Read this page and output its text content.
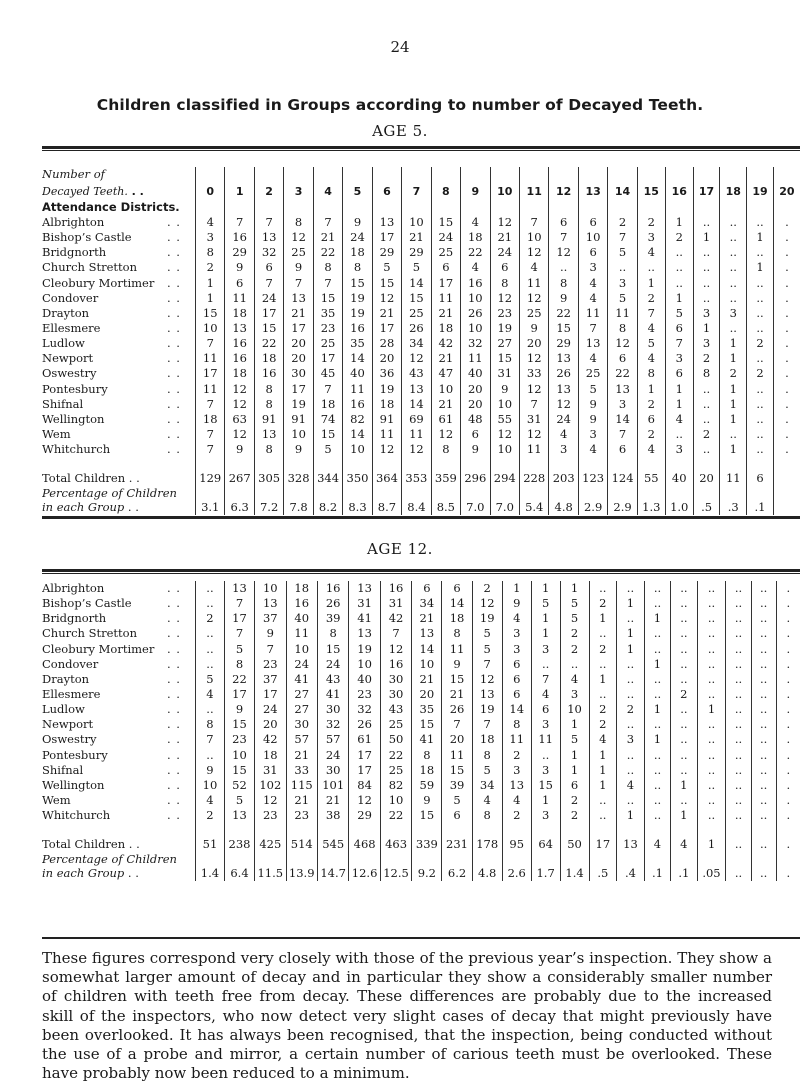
24
Children classified in Groups according to number of Decayed Teeth.
AGE 5.
Number of																					
Decayed Teeth. . .	0	1	2	3	4	5	6	7	8	9	10	11	12	13	14	15	16	17	18	19	20
Attendance Districts.																					
Albrighton . .	4	7	7	8	7	9	13	10	15	4	12	7	6	6	2	2	1	..	..	..	.
Bishop’s Castle . .	3	16	13	12	21	24	17	21	24	18	21	10	7	10	7	3	2	1	..	1	.
Bridgnorth . .	8	29	32	25	22	18	29	29	25	22	24	12	12	6	5	4	..	..	..	..	.
Church Stretton . .	2	9	6	9	8	8	5	5	6	4	6	4	..	3	..	..	..	..	..	1	.
Cleobury Mortimer . .	1	6	7	7	7	15	15	14	17	16	8	11	8	4	3	1	..	..	..	..	.
Condover . .	1	11	24	13	15	19	12	15	11	10	12	12	9	4	5	2	1	..	..	..	.
Drayton . .	15	18	17	21	35	19	21	25	21	26	23	25	22	11	11	7	5	3	3	..	.
Ellesmere . .	10	13	15	17	23	16	17	26	18	10	19	9	15	7	8	4	6	1	..	..	.
Ludlow . .	7	16	22	20	25	35	28	34	42	32	27	20	29	13	12	5	7	3	1	2	.
Newport . .	11	16	18	20	17	14	20	12	21	11	15	12	13	4	6	4	3	2	1	..	.
Oswestry . .	17	18	16	30	45	40	36	43	47	40	31	33	26	25	22	8	6	8	2	2	.
Pontesbury . .	11	12	8	17	7	11	19	13	10	20	9	12	13	5	13	1	1	..	1	..	.
Shifnal . .	7	12	8	19	18	16	18	14	21	20	10	7	12	9	3	2	1	..	1	..	.
Wellington . .	18	63	91	91	74	82	91	69	61	48	55	31	24	9	14	6	4	..	1	..	.
Wem . .	7	12	13	10	15	14	11	11	12	6	12	12	4	3	7	2	..	2	..	..	.
Whitchurch . .	7	9	8	9	5	10	12	12	8	9	10	11	3	4	6	4	3	..	1	..	.

Total Children . .	129	267	305	328	344	350	364	353	359	296	294	228	203	123	124	55	40	20	11	6	
Percentage of Children																					
in each Group . .	3.1	6.3	7.2	7.8	8.2	8.3	8.7	8.4	8.5	7.0	7.0	5.4	4.8	2.9	2.9	1.3	1.0	.5	.3	.1	
AGE 12.
Albrighton . .	..	13	10	18	16	13	16	6	6	2	1	1	1	..	..	..	..	..	..	..	.
Bishop’s Castle . .	..	7	13	16	26	31	31	34	14	12	9	5	5	2	1	..	..	..	..	..	.
Bridgnorth . .	2	17	37	40	39	41	42	21	18	19	4	1	5	1	..	1	..	..	..	..	.
Church Stretton . .	..	7	9	11	8	13	7	13	8	5	3	1	2	..	1	..	..	..	..	..	.
Cleobury Mortimer . .	..	5	7	10	15	19	12	14	11	5	3	3	2	2	1	..	..	..	..	..	.
Condover . .	..	8	23	24	24	10	16	10	9	7	6	..	..	..	..	1	..	..	..	..	.
Drayton . .	5	22	37	41	43	40	30	21	15	12	6	7	4	1	..	..	..	..	..	..	.
Ellesmere . .	4	17	17	27	41	23	30	20	21	13	6	4	3	..	..	..	2	..	..	..	.
Ludlow . .	..	9	24	27	30	32	43	35	26	19	14	6	10	2	2	1	..	1	..	..	.
Newport . .	8	15	20	30	32	26	25	15	7	7	8	3	1	2	..	..	..	..	..	..	.
Oswestry . .	7	23	42	57	57	61	50	41	20	18	11	11	5	4	3	1	..	..	..	..	.
Pontesbury . .	..	10	18	21	24	17	22	8	11	8	2	..	1	1	..	..	..	..	..	..	.
Shifnal . .	9	15	31	33	30	17	25	18	15	5	3	3	1	1	..	..	..	..	..	..	.
Wellington . .	10	52	102	115	101	84	82	59	39	34	13	15	6	1	4	..	1	..	..	..	.
Wem . .	4	5	12	21	21	12	10	9	5	4	4	1	2	..	..	..	..	..	..	..	.
Whitchurch . .	2	13	23	23	38	29	22	15	6	8	2	3	2	..	1	..	1	..	..	..	.

Total Children . .	51	238	425	514	545	468	463	339	231	178	95	64	50	17	13	4	4	1	..	..	.
Percentage of Children																					
in each Group . .	1.4	6.4	11.5	13.9	14.7	12.6	12.5	9.2	6.2	4.8	2.6	1.7	1.4	.5	.4	.1	.1	.05	..	..	.

These figures correspond very closely with those of the previous year’s inspection. They show a somewhat larger amount of decay and in particular they show a considerably smaller number of children with teeth free from decay. These differences are probably due to the increased skill of the inspectors, who now detect very slight cases of decay that might previously have been overlooked. It has always been recognised, that the inspection, being conducted without the use of a probe and mirror, a certain number of carious teeth must be overlooked. These have probably now been reduced to a minimum.
